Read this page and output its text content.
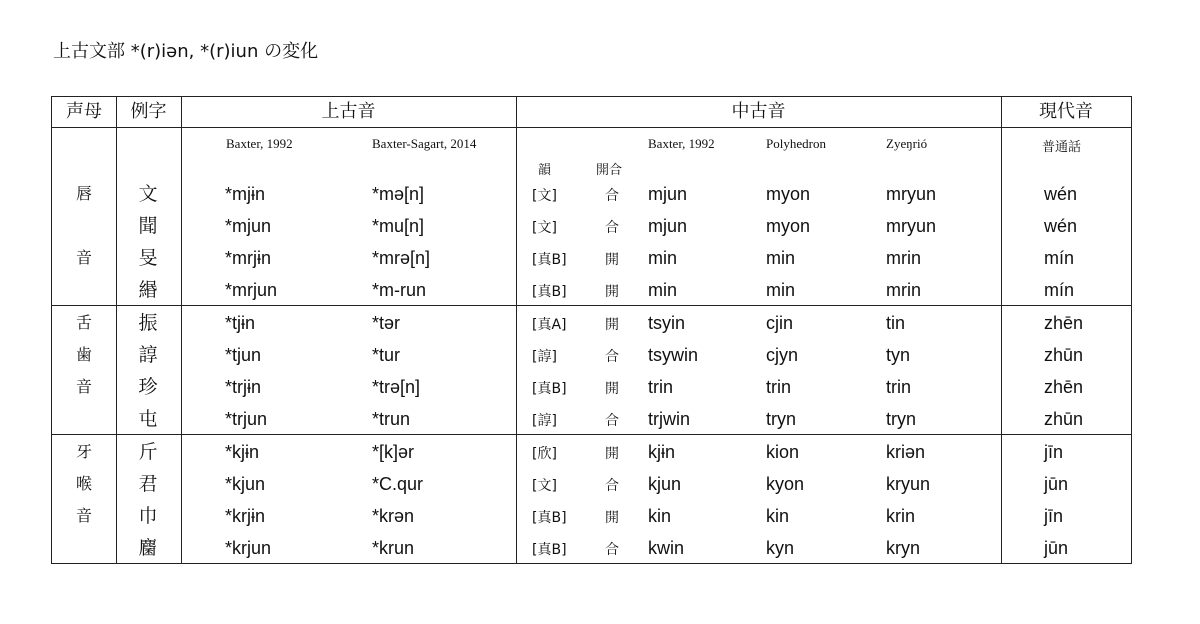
上古文部 *(r)iən, *(r)iun の変化
声母	例字	上古音	中古音	現代音
Baxter, 1992	Baxter-Sagart, 2014	Baxter, 1992	Polyhedron	Zyeŋrió	普通話
韻	開合
唇
音
文	*mjɨn	*mə[n]	[文]	合 mjun	myon	mryun	wén
聞	*mjun	*mu[n]	[文]	合 mjun	myon	mryun	wén
旻	*mrjɨn	*mrə[n]	[真B]	開 min	min	mrin	mín
緡	*mrjun	*m-run	[真B]	開 min	min	mrin	mín
舌
歯
音
振	*tjɨn	*tər	[真A]	開 tsyin	cjin	tin	zhēn
諄	*tjun	*tur	[諄]	合 tsywin	cjyn	tyn	zhūn
珍	*trjɨn	*trə[n]	[真B]	開 trin	trin	trin	zhēn
屯	*trjun	*trun	[諄]	合 trjwin	tryn	tryn	zhūn
牙
喉
音
斤	*kjɨn	*[k]ər	[欣]	開 kjɨn	kion	kriən	jīn
君	*kjun	*C.qur	[文]	合 kjun	kyon	kryun	jūn
巾	*krjɨn	*krən	[真B]	開 kin	kin	krin	jīn
麕	*krjun	*krun	[真B]	合 kwin	kyn	kryn	jūn
